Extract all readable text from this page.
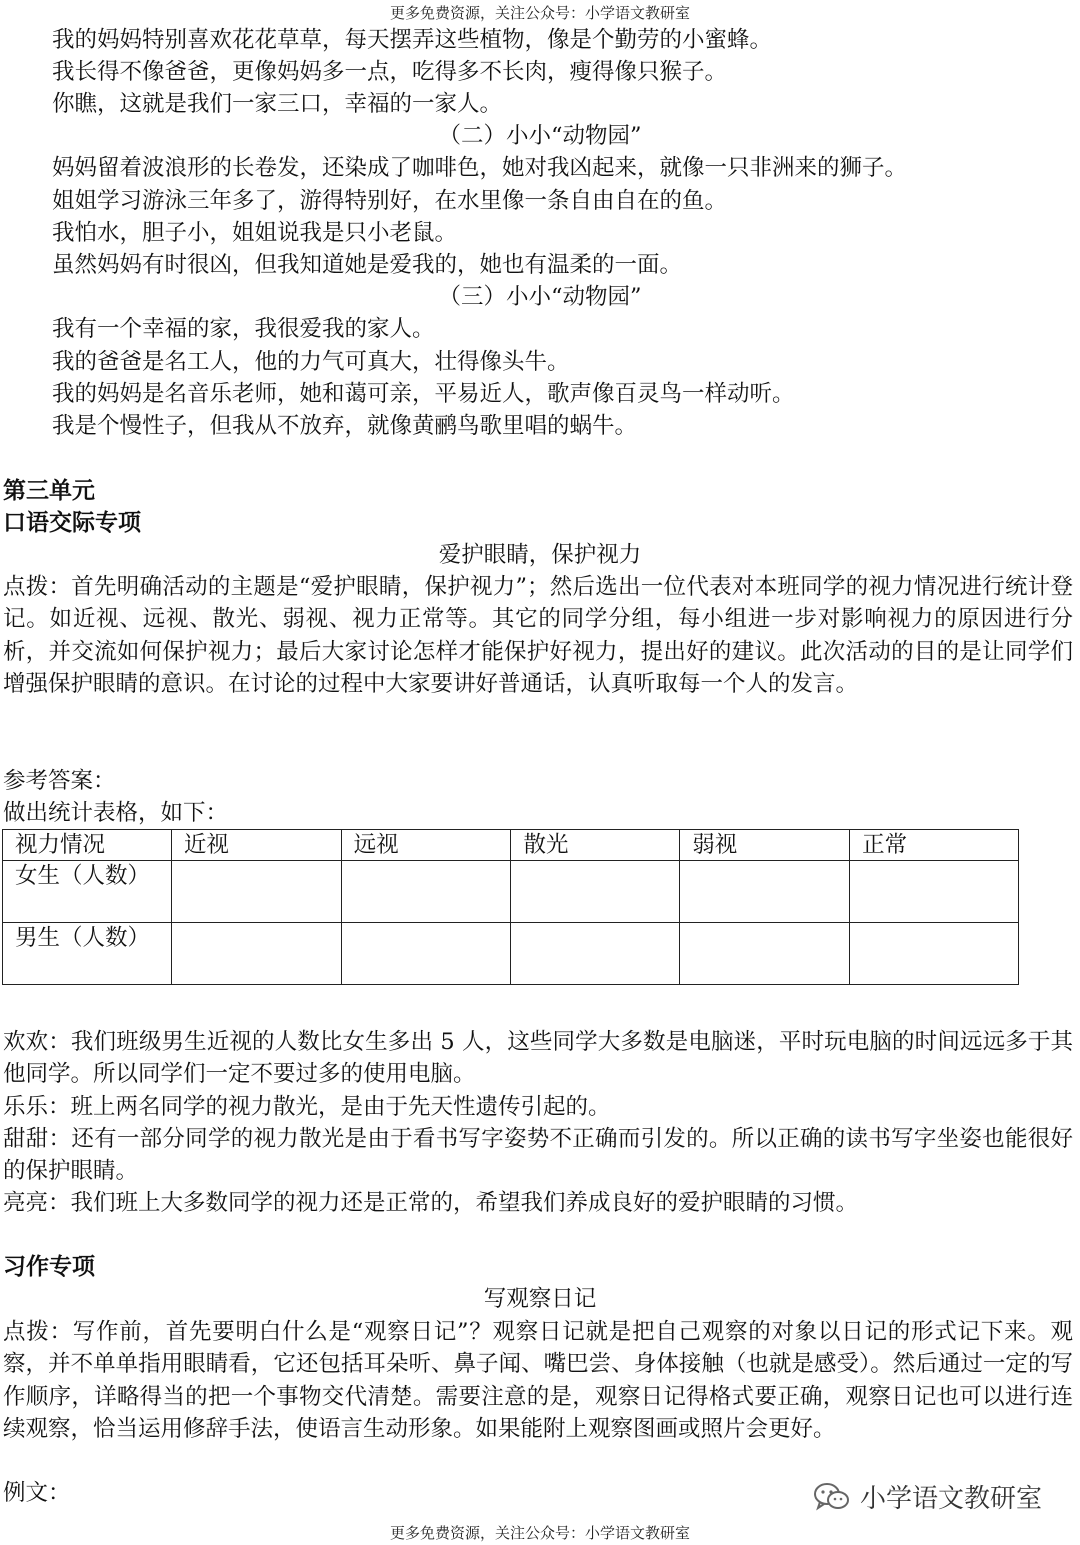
更多免费资源，关注公众号：小学语文教研室
我的妈妈特别喜欢花花草草，每天摆弄这些植物，像是个勤劳的小蜜蜂。
我长得不像爸爸，更像妈妈多一点，吃得多不长肉，瘦得像只猴子。
你瞧，这就是我们一家三口，幸福的一家人。
（二）小小“动物园”
妈妈留着波浪形的长卷发，还染成了咖啡色，她对我凶起来，就像一只非洲来的狮子。
姐姐学习游泳三年多了，游得特别好，在水里像一条自由自在的鱼。
我怕水，胆子小，姐姐说我是只小老鼠。
虽然妈妈有时很凶，但我知道她是爱我的，她也有温柔的一面。
（三）小小“动物园”
我有一个幸福的家，我很爱我的家人。
我的爸爸是名工人，他的力气可真大，壮得像头牛。
我的妈妈是名音乐老师，她和蔼可亲，平易近人，歌声像百灵鸟一样动听。
我是个慢性子，但我从不放弃，就像黄鹂鸟歌里唱的蜗牛。
第三单元
口语交际专项
爱护眼睛，保护视力
点拨：首先明确活动的主题是“爱护眼睛，保护视力”；然后选出一位代表对本班同学的视力情况进行统计登记。如近视、远视、散光、弱视、视力正常等。其它的同学分组，每小组进一步对影响视力的原因进行分析，并交流如何保护视力；最后大家讨论怎样才能保护好视力，提出好的建议。此次活动的目的是让同学们增强保护眼睛的意识。在讨论的过程中大家要讲好普通话，认真听取每一个人的发言。
参考答案：
做出统计表格，如下：
视力情况	近视	远视	散光	弱视	正常
女生（人数）					
男生（人数）					
欢欢：我们班级男生近视的人数比女生多出 5 人，这些同学大多数是电脑迷，平时玩电脑的时间远远多于其他同学。所以同学们一定不要过多的使用电脑。
乐乐：班上两名同学的视力散光，是由于先天性遗传引起的。
甜甜：还有一部分同学的视力散光是由于看书写字姿势不正确而引发的。所以正确的读书写字坐姿也能很好的保护眼睛。
亮亮：我们班上大多数同学的视力还是正常的，希望我们养成良好的爱护眼睛的习惯。
习作专项
写观察日记
点拨：写作前，首先要明白什么是“观察日记”？观察日记就是把自己观察的对象以日记的形式记下来。观察，并不单单指用眼睛看，它还包括耳朵听、鼻子闻、嘴巴尝、身体接触（也就是感受）。然后通过一定的写作顺序，详略得当的把一个事物交代清楚。需要注意的是，观察日记得格式要正确，观察日记也可以进行连续观察，恰当运用修辞手法，使语言生动形象。如果能附上观察图画或照片会更好。
例文：	小学语文教研室
更多免费资源，关注公众号：小学语文教研室
